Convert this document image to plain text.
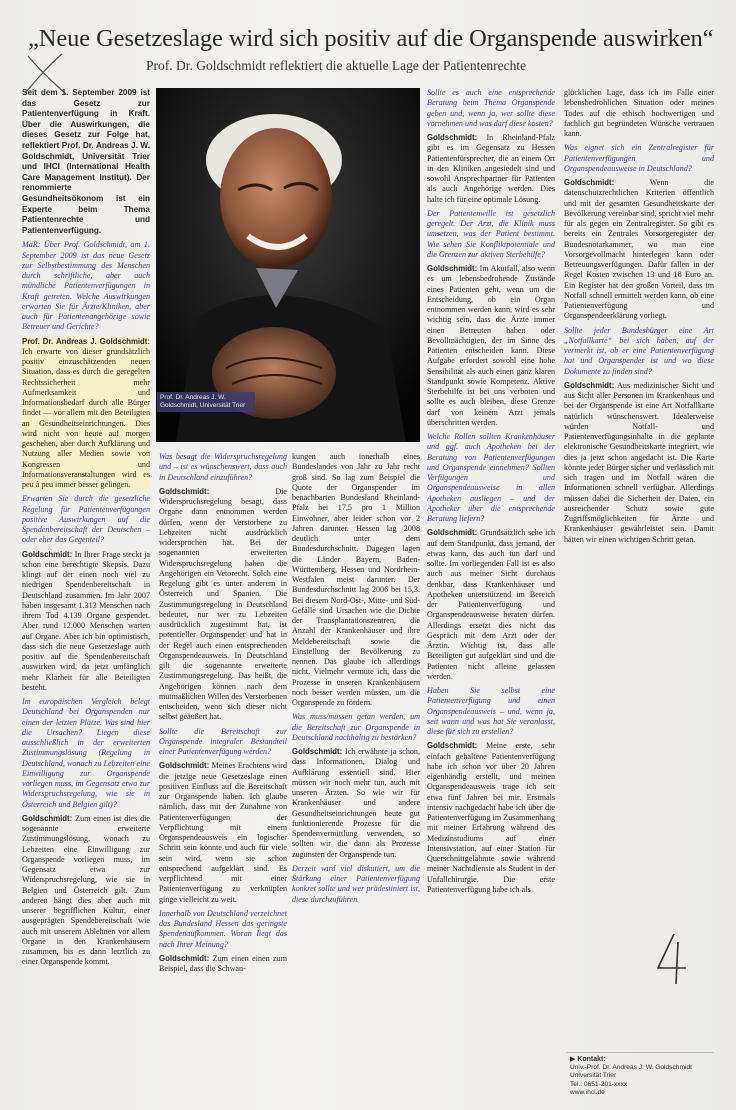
„Neue Gesetzeslage wird sich positiv auf die Organspende auswirken“
Prof. Dr. Goldschmidt reflektiert die aktuelle Lage der Patientenrechte

Seit dem 1. September 2009 ist das Gesetz zur Patientenverfügung in Kraft. Über die Auswirkungen, die dieses Gesetz zur Folge hat, reflektiert Prof. Dr. Andreas J. W. Goldschmidt, Universität Trier und IHCI (International Health Care Management Institut). Der renommierte Gesundheitsökonom ist ein Experte beim Thema Patientenrechte und Patientenverfügung.

MäR: Über Prof. Goldschmidt, am 1. September 2009 ist das neue Gesetz zur Selbstbestimmung des Menschen durch schriftliche, aber auch mündliche Patientenverfügungen in Kraft getreten. Welche Auswirkungen erwarten Sie für Ärzte/Kliniken, aber auch für Patientenangehörige sowie Betreuer und Gerichte?

Prof. Dr. Andreas J. Goldschmidt: Ich erwarte von dieser grundsätzlich positiv einzuschätzenden neuen Situation, dass es durch die geregelten Rechtssicherheit mehr Aufmerksamkeit und Informationsbedarf durch alle Bürger findet — vor allem mit den Beteiligten an Gesundheitseinrichtungen. Dies wird nicht von heute auf morgen geschehen, aber durch Aufklärung und Nutzung aller Medien sowie von Kongressen und Informationsveranstaltungen wird es peu à peu immer besser gelingen.

Erwarten Sie durch die gesetzliche Regelung für Patientenverfügungen positive Auswirkungen auf die Spendenbereitschaft der Deutschen – oder eher das Gegenteil?

Goldschmidt: In Ihrer Frage steckt ja schon eine berechtigte Skepsis. Dazu klingt auf der einen noch viel zu niedrigen Spendenbereitschaft in Deutschland zusammen. Im Jahr 2007 haben insgesamt 1.313 Menschen nach ihrem Tod 4.139 Organe gespendet. Aber rund 12.000 Menschen warten auf Organe. Aber ich bin optimistisch, dass sich die neue Gesetzeslage auch positiv auf die Spendenbereitschaft auswirken wird, da jetzt umfänglich mehr Klarheit für alle Beteiligten besteht.

Im europäischen Vergleich belegt Deutschland bei Organspenden nur einen der letzten Plätze. Was sind hier die Ursachen? Liegen diese ausschließlich in der erweiterten Zustimmungslösung (Regelung in Deutschland, wonach zu Lebzeiten eine Einwilligung zur Organspende vorliegen muss, im Gegensatz etwa zur Widerspruchsregelung, wie sie in Österreich und Belgien gilt)?

Goldschmidt: Zum einen ist dies die sogenannte erweiterte Zustimmungslösung, wonach zu Lebzeiten eine Einwilligung zur Organspende vorliegen muss, im Gegensatz etwa zur Widerspruchsregelung, wie sie in Belgien und Österreich gilt. Zum anderen hängt dies aber auch mit unserer begrifflichen Kultur, einer ausgeprägten Spendebereitschaft wie auch mit unserem Ablehnen vor allem Organe in den Krankenhäusern zusammen, bis es dann letztlich zu einer Organspende kommt.

Prof. Dr. Andreas J. W. Goldschmidt, Universität Trier

Was besagt die Widerspruchsregelung und – ist es wünschenswert, dass auch in Deutschland einzuführen?

Goldschmidt:	Die Widerspruchsregelung besagt, dass Organe dann entnommen werden dürfen, wenn der Verstorbene zu Lebzeiten nicht ausdrücklich widersprochen hat. Bei der sogenannten erweiterten Widerspruchsregelung haben die Angehörigen ein Vetorecht. Solch eine Regelung gibt es unter anderem in Österreich und Spanien. Die Zustimmungsregelung in Deutschland bedeutet, nur wer zu Lebzeiten ausdrücklich zugestimmt hat, ist potentieller Organspender und hat in der Regel auch einen entsprechenden Organspendeausweis. In Deutschland gilt die sogenannte erweiterte Zustimmungsregelung. Das heißt, die Angehörigen können nach dem mutmaßlichen Willen des Verstorbenen entscheiden, wenn sich dieser nicht selbst geäußert hat.

Sollte die Bereitschaft zur Organspende integraler Bestandteil einer Patientenverfügung werden?

Goldschmidt: Meines Erachtens wird die jetzige neue Gesetzeslage einen positiven Einfluss auf die Bereitschaft zur Organspende haben. Ich glaube nämlich, dass mit der Zunahme von Patientenverfügungen der Verpflichtung mit einem Organspendeausweis ein logischer Schritt sein könnte und auch für viele sein wird, wenn sie schon entsprechend aufgeklärt sind. Es verpflichtend mit einer Patientenverfügung zu verknüpfen ginge vielleicht zu weit.

Innerhalb von Deutschland verzeichnet das Bundesland Hessen das geringste Spendenaufkommen. Woran liegt das nach Ihrer Meinung?

Goldschmidt: Zum einen einen zum Beispiel, dass die Schwan-

kungen auch innerhalb eines Bundeslandes von Jahr zu Jahr recht groß sind. So lag zum Beispiel die Quote der Organspender im benachbarten Bundesland Rheinland-Pfalz bei 17,5 pro 1 Million Einwohner, aber leider schon vor 2 Jahren darunter. Hessen lag 2008 deutlich unter dem Bundesdurchschnitt. Dagegen lagen die Länder Bayern, Baden-Württemberg, Hessen und Nordrhein-Westfalen meist darunter. Der Bundesdurchschnitt lag 2006 bei 15,3. Bei diesem Nord-Ost-, Mitte- und Süd-Gefälle sind Ursachen wie die Dichte der Transplantationszentren, die Anzahl der Krankenhäuser und ihre Meldebereitschaft sowie die Einstellung der Bevölkerung zu nennen. Das glaube ich allerdings nicht. Vielmehr vermute ich, dass die Prozesse in unseren Krankenhäusern noch besser werden müssen, um die Organspende zu fördern.

Was muss/müssen getan werden, um die Bereitschaft zur Organspende in Deutschland nachhaltig zu bestärken?

Goldschmidt: Ich erwähnte ja schon, dass Informationen, Dialog und Aufklärung essentiell sind. Hier müssen wir noch mehr tun, auch mit unseren Ärzten. So wie wir für Krankenhäuser und andere Gesundheitseinrichtungen heute gut funktionierende Prozesse für die Spendenvermittlung verwenden, so sollten wir die dann als Prozesse zugunsten der Organspende tun.

Derzeit wird viel diskutiert, um die Stärkung einer Patientenverfügung konkret sollte und wer prädestiniert ist, diese durchzuführen.

Sollte es auch eine entsprechende Beratung beim Thema Organspende geben und, wenn ja, wer sollte diese vornehmen und was darf diese kosten?

Goldschmidt: In Rheinland-Pfalz gibt es im Gegensatz zu Hessen Patientenfürsprecher, die an einem Ort in den Kliniken angesiedelt sind und sowohl Ansprechpartner für Patienten als auch Angehörige werden. Dies halte ich für eine optimale Lösung.

Der Patientenwille ist gesetzlich geregelt. Der Arzt, die Klinik muss umsetzen, was der Patient bestimmt. Wie sehen Sie Konfliktpotentiale und die Grenzen zur aktiven Sterbehilfe?

Goldschmidt: Im Akutfall, also wenn es um lebensbedrohende Zustände eines Patienten geht, wenn um die Entscheidung, ob ein Organ entnommen werden kann, wird es sehr wichtig sein, dass die Ärzte immer einen Betreuten haben oder Bevollmächtigten, der im Sinne des Patienten entscheiden kann. Diese Aufgabe erfordert sowohl eine hohe Sensibilität als auch einen ganz klaren Standpunkt sowie Kompetenz. Aktive Sterbehilfe ist bei uns verboten und sollte es auch bleiben, diese Grenze darf von keinem Arzt jemals überschritten werden.

Welche Rollen sollten Krankenhäuser und ggf. auch Apotheken bei der Beratung von Patientenverfügungen und Organspende einnehmen? Sollten Verfügungen und Organspendeausweise in allen Apotheken ausliegen – und der Apotheker über die entsprechende Beratung liefern?

Goldschmidt: Grundsätzlich sehe ich auf dem Standpunkt, dass jemand, der etwas kann, das auch tun darf und sollte. Im vorliegenden Fall ist es also auch aus meiner Sicht durchaus denkbar, dass Krankenhäuser und Apotheken unterstützend im Bereich der Patientenverfügung und Organspendeausweise beraten dürfen. Allerdings ersetzt dies nicht das Gespräch mit dem Arzt oder der Ärztin. Wichtig ist, dass alle Beteiligten gut aufgeklärt sind und die Patienten nicht alleine gelassen werden.

Haben Sie selbst eine Patientenverfügung und einen Organspendeausweis – und, wenn ja, seit wann und was hat Sie veranlasst, diese für sich zu erstellen?

Goldschmidt: Meine erste, sehr einfach gehaltene Patientenverfügung habe ich schon vor über 20 Jahren eigenhändig erstellt, und meinen Organspendeausweis trage ich seit etwa fünf Jahren bei mir. Erstmals intensiv nachgedacht habe ich über die Patientenverfügung im Zusammenhang mit meiner Erfahrung während des Medizinstudiums auf einer Intensivstation, auf einer Station für Querschnittgelähmte sowie während meiner Nachtdienste als Student in der Unfallchirurgie. Die erste Patientenverfügung habe ich als

glücklichen Lage, dass ich im Falle einer lebensbedrohlichen Situation oder meines Todes auf die ethisch hochwertigen und fachlich gut begründeten Wünsche vertrauen kann.

Was eignet sich ein Zentralregister für Patientenverfügungen und Organspendeausweise in Deutschland?

Goldschmidt:	Wenn die datenschutzrechtlichen Kriterien öffentlich und mit der gesamten Gesundheitskarte der Bevölkerung vereinbar sind, spricht viel mehr für als gegen ein Zentralregister. So gibt es bereits ein Zentrales Vorsorgeregister der Bundesnotarkammer, wo man eine Vorsorgevollmacht hinterlegen kann oder Betreuungsverfügungen. Dafür fallen in der Regel Kosten zwischen 13 und 18 Euro an. Ein Register hat den großen Vorteil, dass im Notfall schnell ermittelt werden kann, ob eine Patientenverfügung und Organspendeerklärung vorliegt.

Sollte jeder Bundesbürger eine Art „Notfallkarte“ bei sich haben, auf der vermerkt ist, ob er eine Patientenverfügung hat und Organspender ist und wo diese Dokumente zu finden sind?

Goldschmidt: Aus medizinischer Sicht und aus Sicht aller Personen im Krankenhaus und bei der Organspende ist eine Art Notfallkarte natürlich wünschenswert. Idealerweise würden Notfall- und Patientenverfügungsinhalte in die geplante elektronische Gesundheitskarte integriert, wie dies ja jetzt schon angedacht ist. Die Karte könnte jeder Bürger sicher und verlässlich mit sich tragen und im Notfall wären die Informationen schnell verfügbar. Allerdings müssen dabei die Sicherheit der Daten, ein ausreichender Schutz sowie gute Zugriffsmöglichkeiten für Ärzte und Krankenhäuser gewährleistet sein. Damit hätten wir einen wichtigen Schritt getan.

▶ Kontakt:
Univ.-Prof. Dr. Andreas J. W. Goldschmidt
Universität Trier
Tel.: 0651-201-xxxx
www.ihci.de
